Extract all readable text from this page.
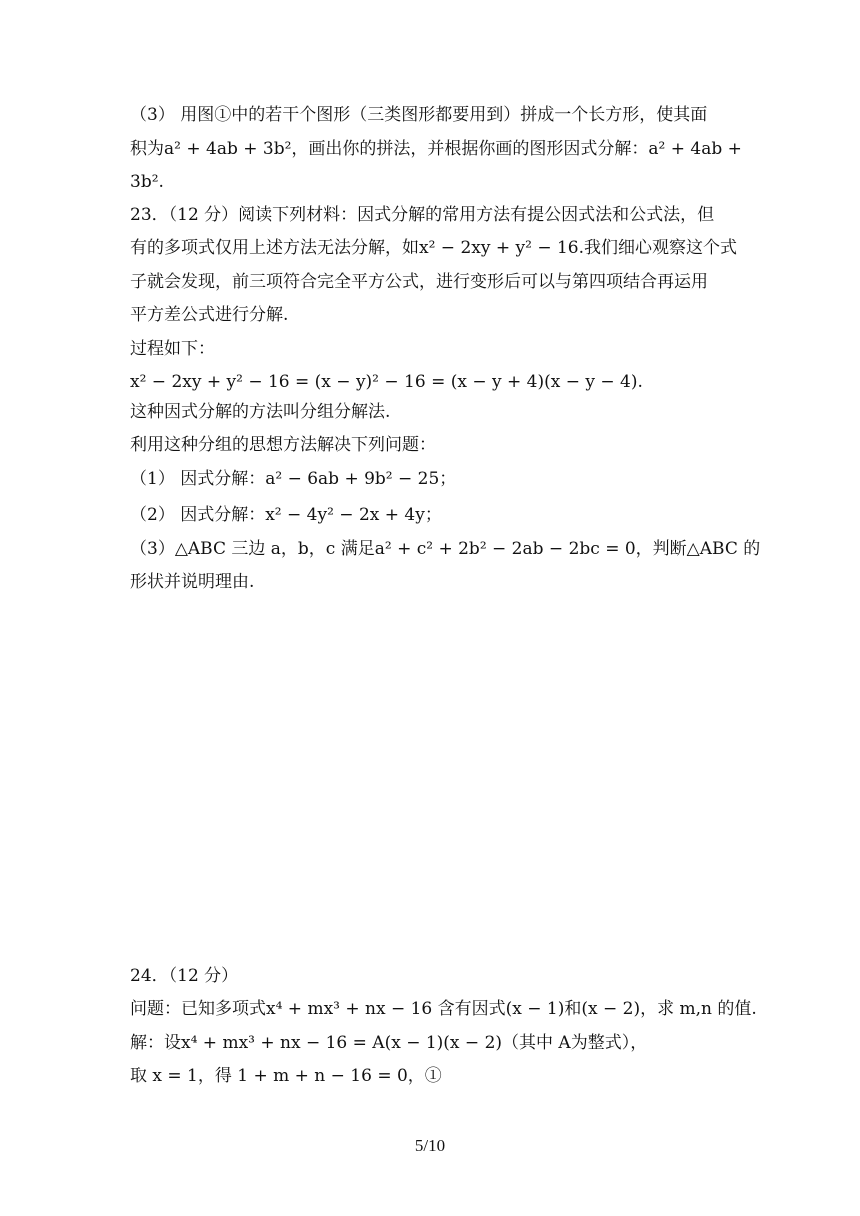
（3） 用图①中的若干个图形（三类图形都要用到）拼成一个长方形，使其面
积为a² + 4ab + 3b²，画出你的拼法，并根据你画的图形因式分解：a² + 4ab +
3b².
23．（12 分）阅读下列材料：因式分解的常用方法有提公因式法和公式法，但
有的多项式仅用上述方法无法分解，如x² − 2xy + y² − 16.我们细心观察这个式
子就会发现，前三项符合完全平方公式，进行变形后可以与第四项结合再运用
平方差公式进行分解.
过程如下：
x² − 2xy + y² − 16 = (x − y)² − 16 = (x − y + 4)(x − y − 4).
这种因式分解的方法叫分组分解法.
利用这种分组的思想方法解决下列问题：
（1） 因式分解：a² − 6ab + 9b² − 25；
（2） 因式分解：x² − 4y² − 2x + 4y；
（3）△ABC 三边 a，b，c 满足a² + c² + 2b² − 2ab − 2bc = 0，判断△ABC 的
形状并说明理由.
24．（12 分）
问题：已知多项式x⁴ + mx³ + nx − 16 含有因式(x − 1)和(x − 2)，求 m,n 的值.
解：设x⁴ + mx³ + nx − 16 = A(x − 1)(x − 2)（其中 A为整式），
取 x = 1，得 1 + m + n − 16 = 0，①
5/10
